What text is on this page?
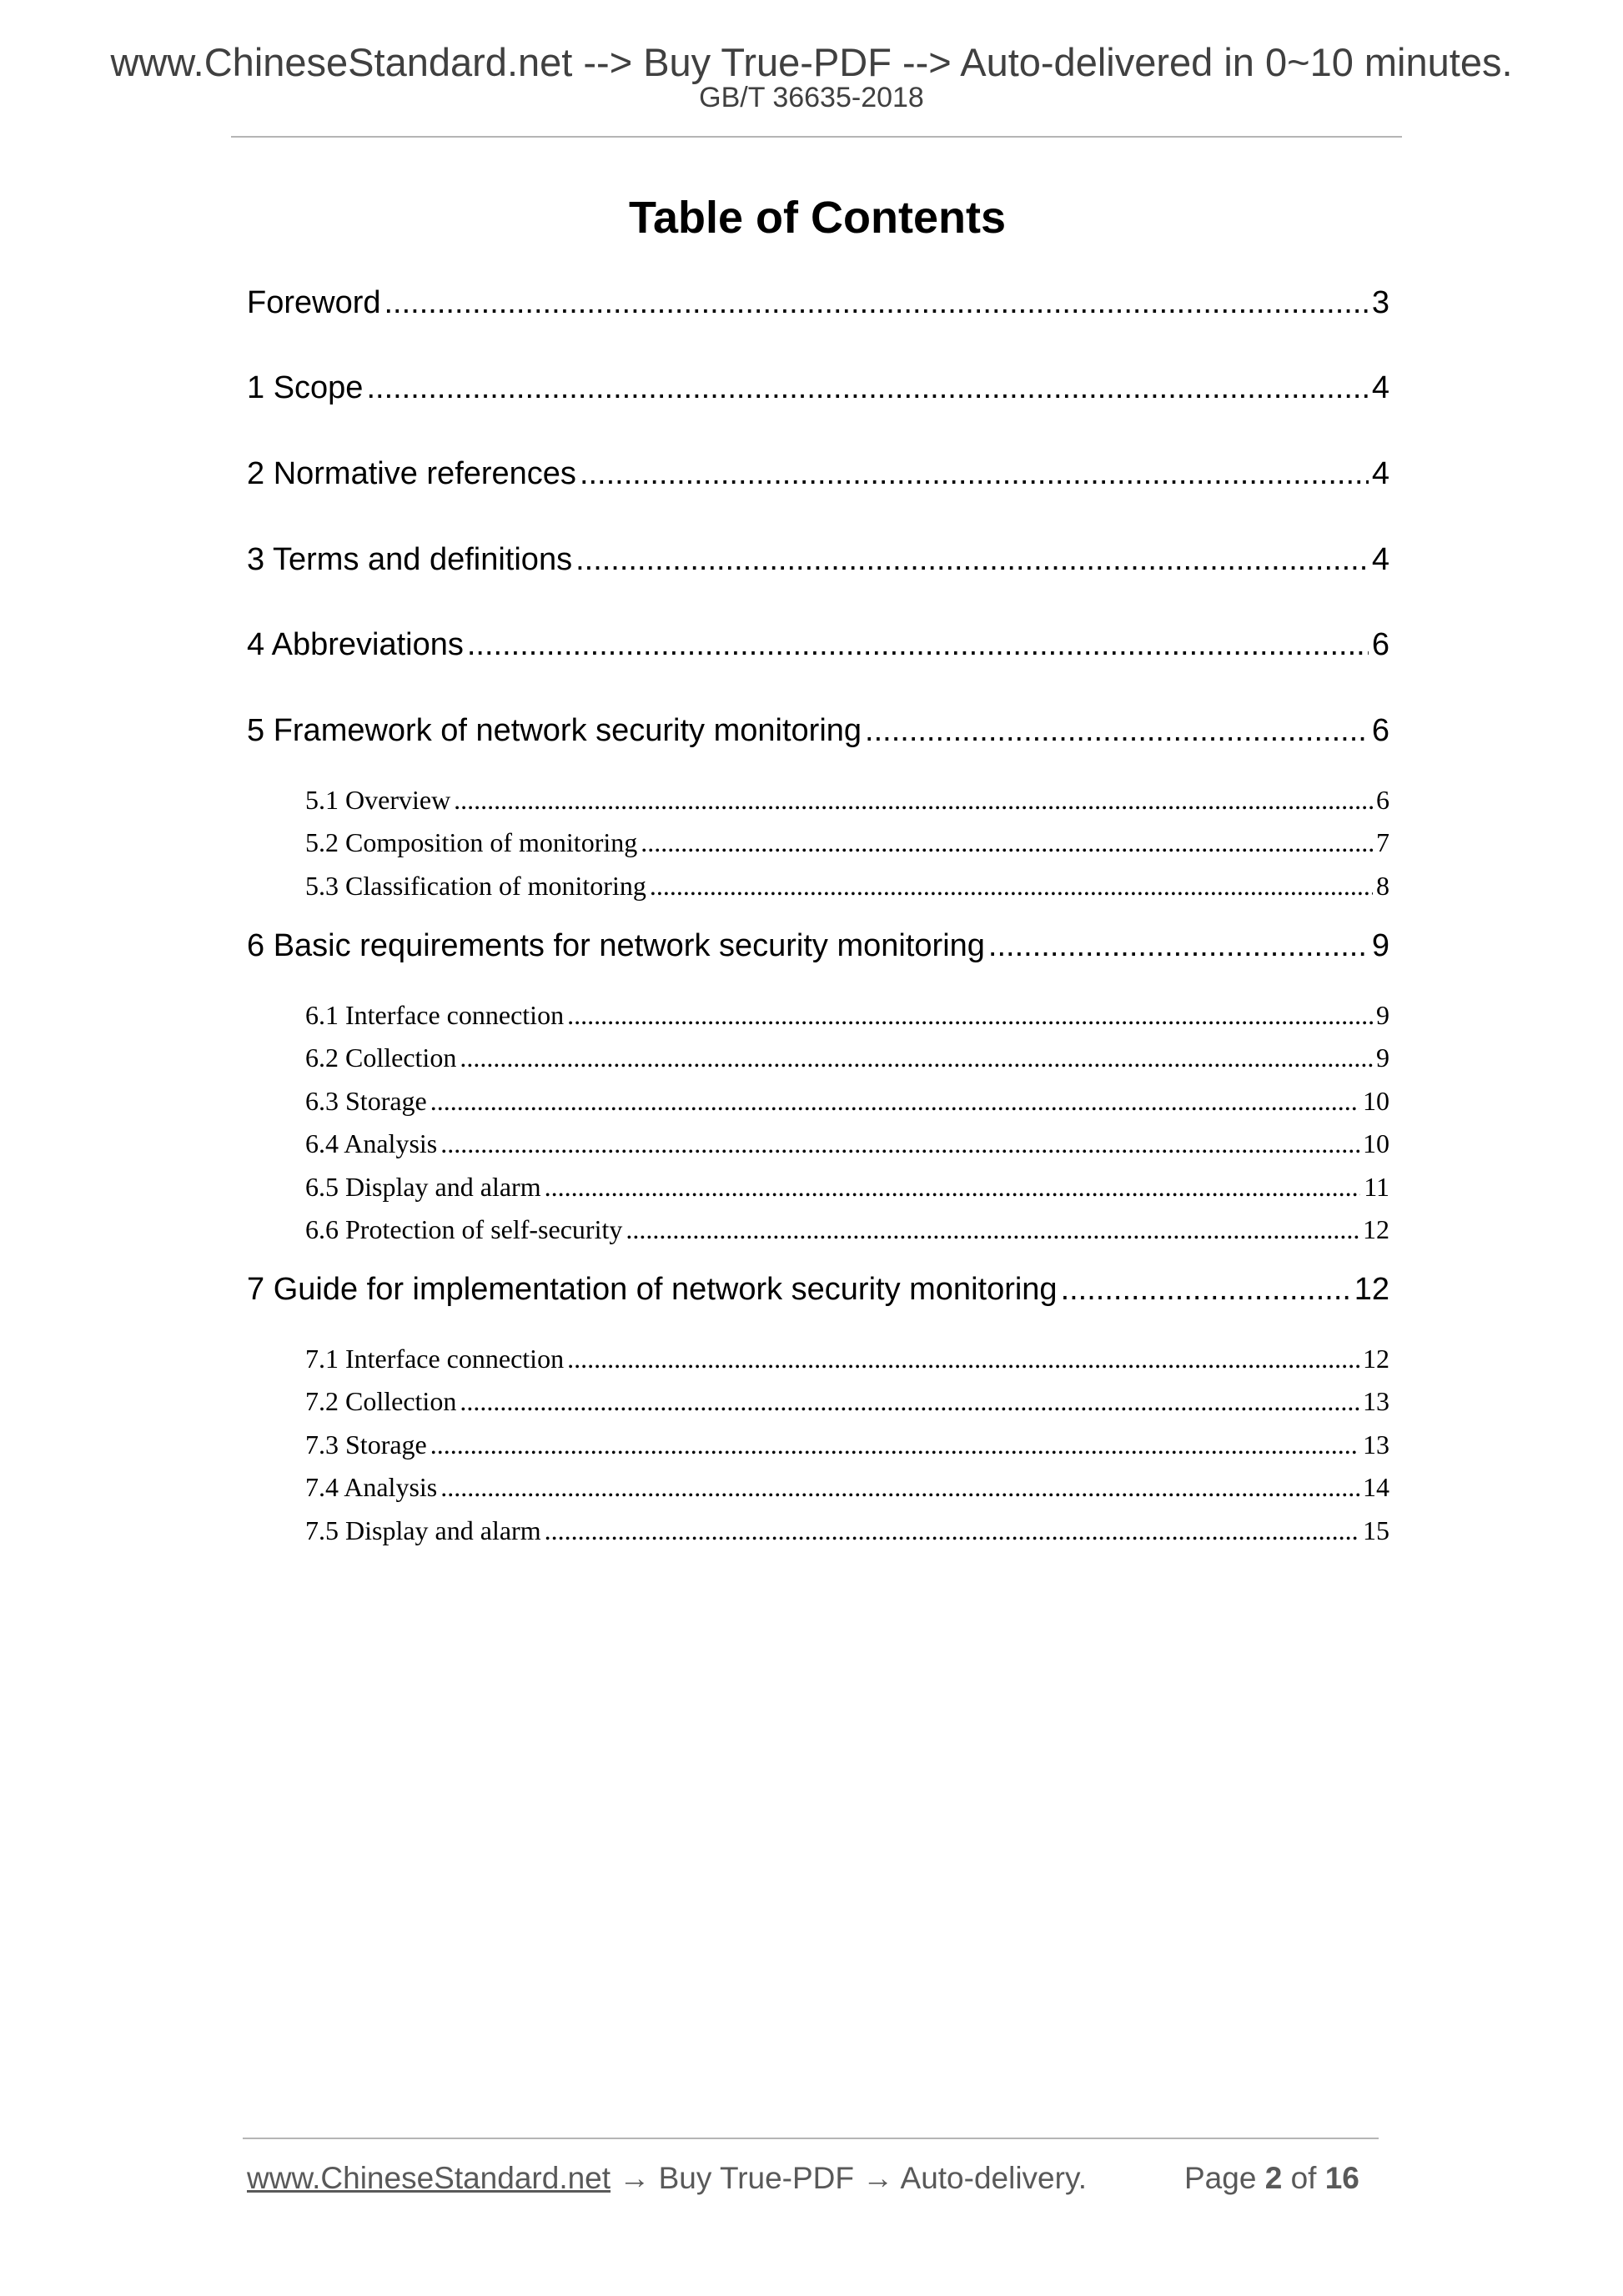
www.ChineseStandard.net --> Buy True-PDF --> Auto-delivered in 0~10 minutes.
GB/T 36635-2018
Table of Contents
Foreword .....	3
1 Scope .....	4
2 Normative references .....	4
3 Terms and definitions .....	4
4 Abbreviations .....	6
5 Framework of network security monitoring .....	6
5.1 Overview .....	6
5.2 Composition of monitoring .....	7
5.3 Classification of monitoring .....	8
6 Basic requirements for network security monitoring .....	9
6.1 Interface connection .....	9
6.2 Collection .....	9
6.3 Storage .....	10
6.4 Analysis .....	10
6.5 Display and alarm .....	11
6.6 Protection of self-security .....	12
7 Guide for implementation of network security monitoring .....	12
7.1 Interface connection .....	12
7.2 Collection .....	13
7.3 Storage .....	13
7.4 Analysis .....	14
7.5 Display and alarm .....	15
www.ChineseStandard.net → Buy True-PDF → Auto-delivery.	Page 2 of 16
